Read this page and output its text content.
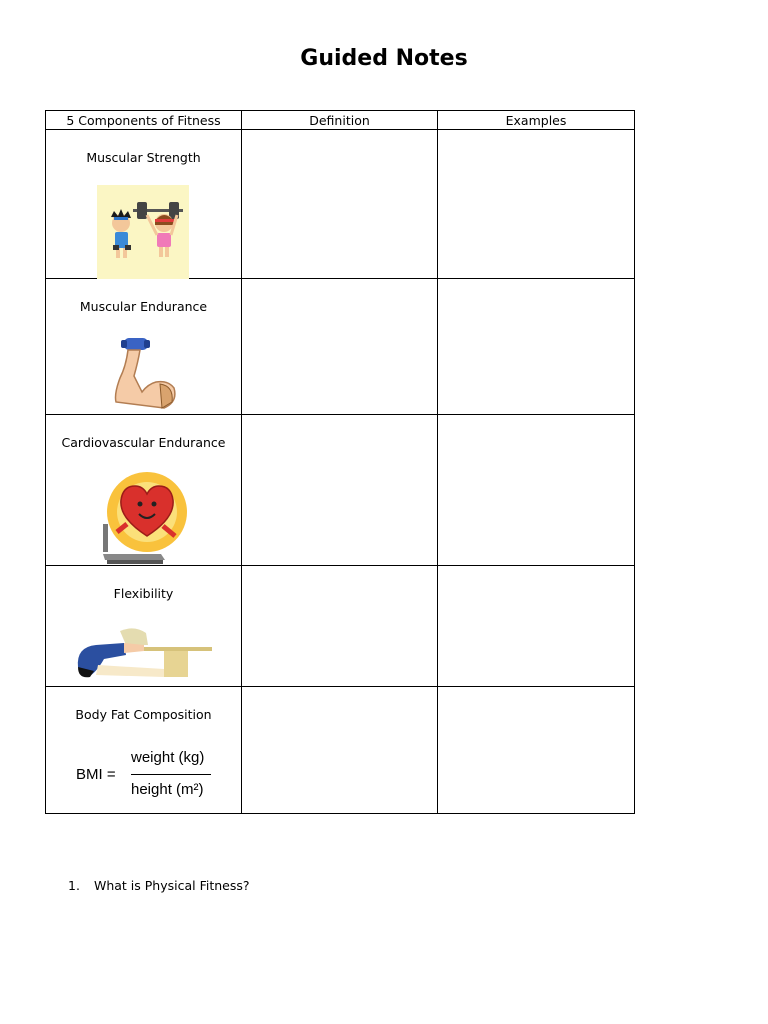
Guided Notes
5 Components of Fitness	Definition	Examples

Muscular Strength		

Muscular Endurance		

Cardiovascular Endurance		

Flexibility		

Body Fat Composition
BMI =
weight (kg)
height (m²)		

1. What is Physical Fitness?
